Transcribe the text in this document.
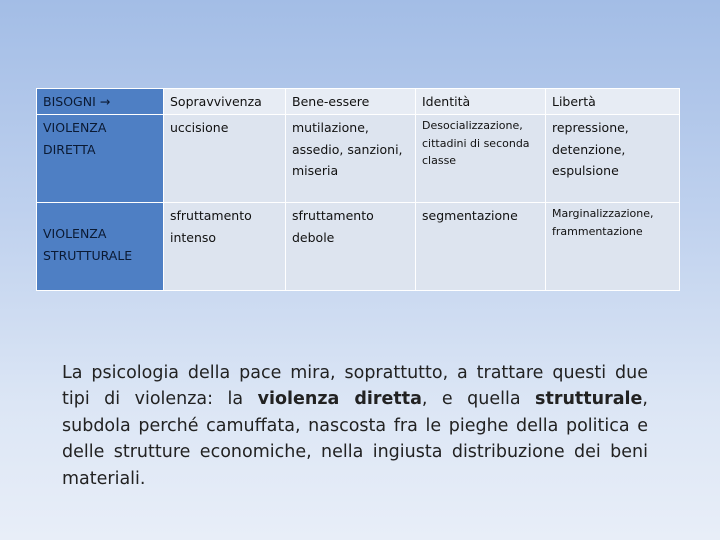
BISOGNI →	Sopravvivenza	Bene-essere	Identità	Libertà
VIOLENZA DIRETTA	uccisione	mutilazione, assedio, sanzioni, miseria	Desocializzazione, cittadini di seconda classe	repressione, detenzione, espulsione
VIOLENZA STRUTTURALE	sfruttamento intenso	sfruttamento debole	segmentazione	Marginalizzazione, frammentazione

La psicologia della pace mira, soprattutto, a trattare questi due tipi di violenza: la violenza diretta, e quella strutturale, subdola perché camuffata, nascosta fra le pieghe della politica e delle strutture economiche, nella ingiusta distribuzione dei beni materiali.
